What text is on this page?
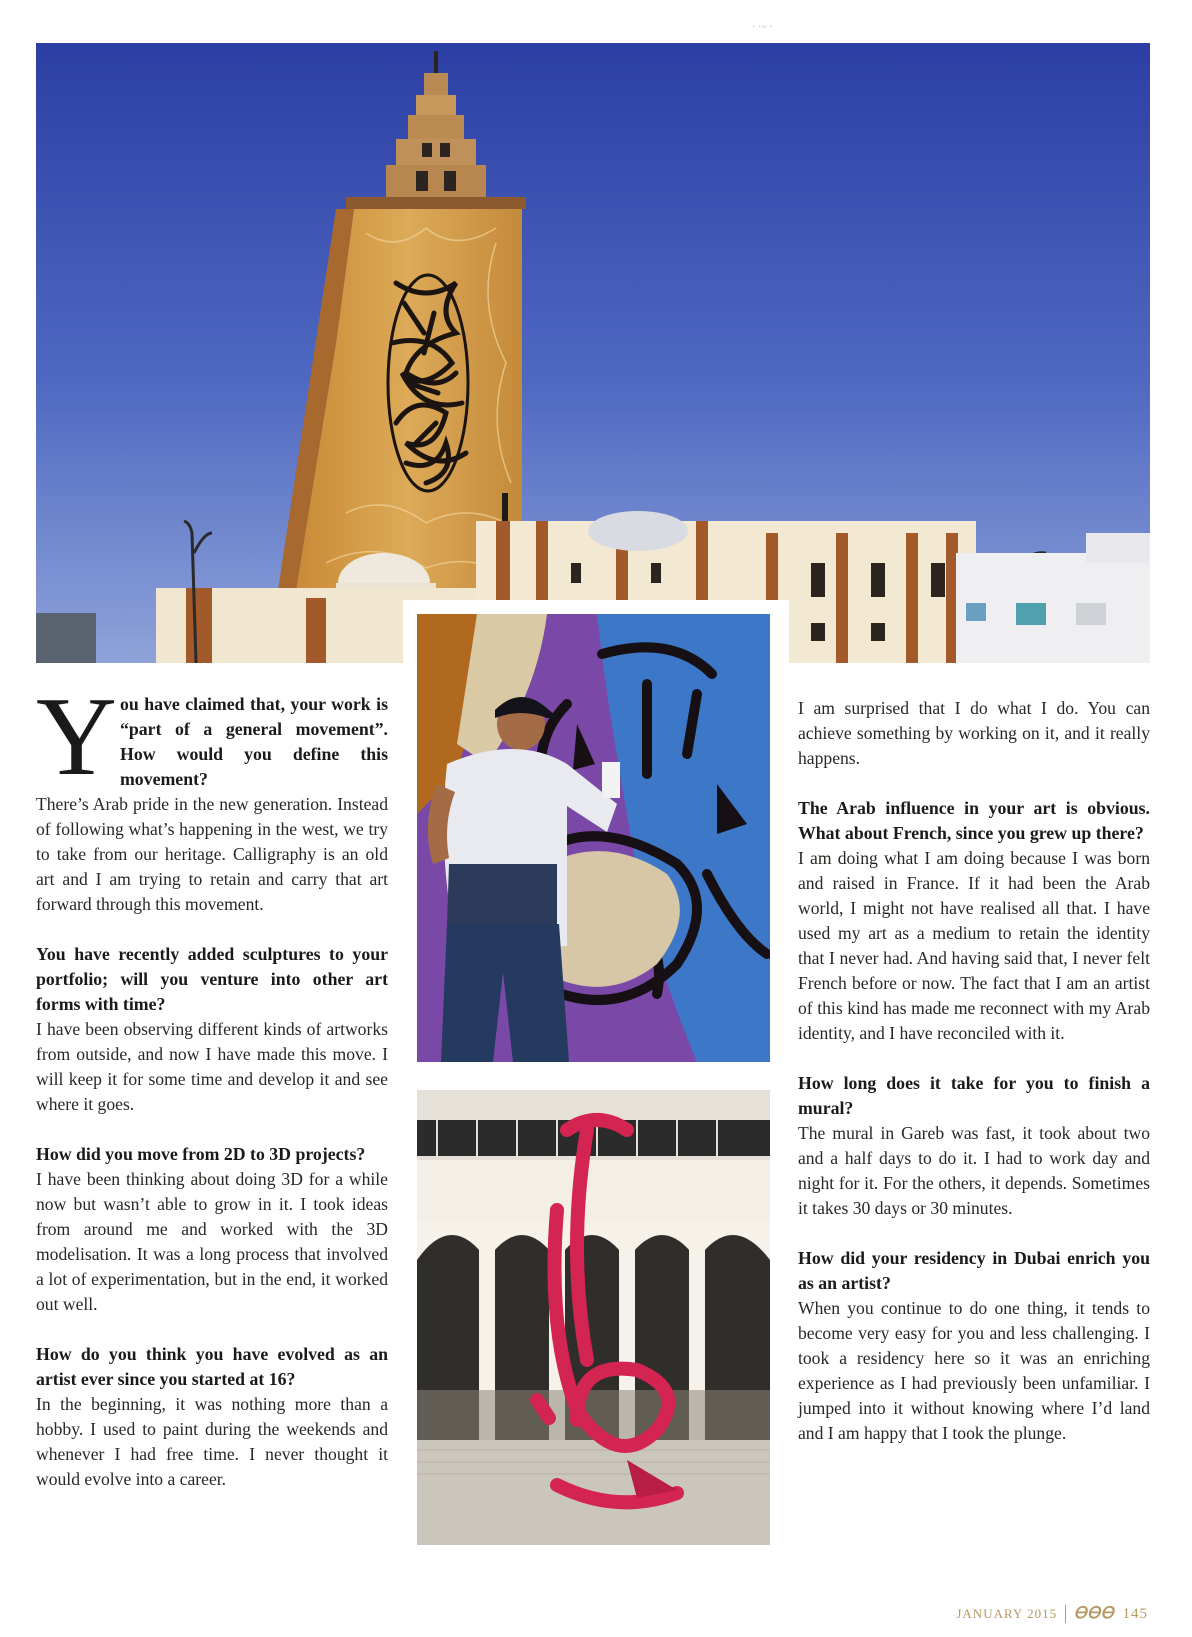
· ·~ ·
Y ou have claimed that, your work is “part of a general movement”. How would you define this movement?

There’s Arab pride in the new generation. Instead of following what’s happening in the west, we try to take from our heritage. Calligraphy is an old art and I am trying to retain and carry that art forward through this movement.

You have recently added sculptures to your portfolio; will you venture into other art forms with time?

I have been observing different kinds of artworks from outside, and now I have made this move. I will keep it for some time and develop it and see where it goes.

How did you move from 2D to 3D projects?

I have been thinking about doing 3D for a while now but wasn’t able to grow in it. I took ideas from around me and worked with the 3D modelisation. It was a long process that involved a lot of experimentation, but in the end, it worked out well.

How do you think you have evolved as an artist ever since you started at 16?

In the beginning, it was nothing more than a hobby. I used to paint during the weekends and whenever I had free time. I never thought it would evolve into a career.

I am surprised that I do what I do. You can achieve something by working on it, and it really happens.

The Arab influence in your art is obvious. What about French, since you grew up there?

I am doing what I am doing because I was born and raised in France. If it had been the Arab world, I might not have realised all that. I have used my art as a medium to retain the identity that I never had. And having said that, I never felt French before or now. The fact that I am an artist of this kind has made me reconnect with my Arab identity, and I have reconciled with it.

How long does it take for you to finish a mural?

The mural in Gareb was fast, it took about two and a half days to do it. I had to work day and night for it. For the others, it depends. Sometimes it takes 30 days or 30 minutes.

How did your residency in Dubai enrich you as an artist?

When you continue to do one thing, it tends to become very easy for you and less challenging. I took a residency here so it was an enriching experience as I had previously been unfamiliar. I jumped into it without knowing where I’d land and I am happy that I took the plunge.

JANUARY 2015 ᎾᎾᎾ 145
